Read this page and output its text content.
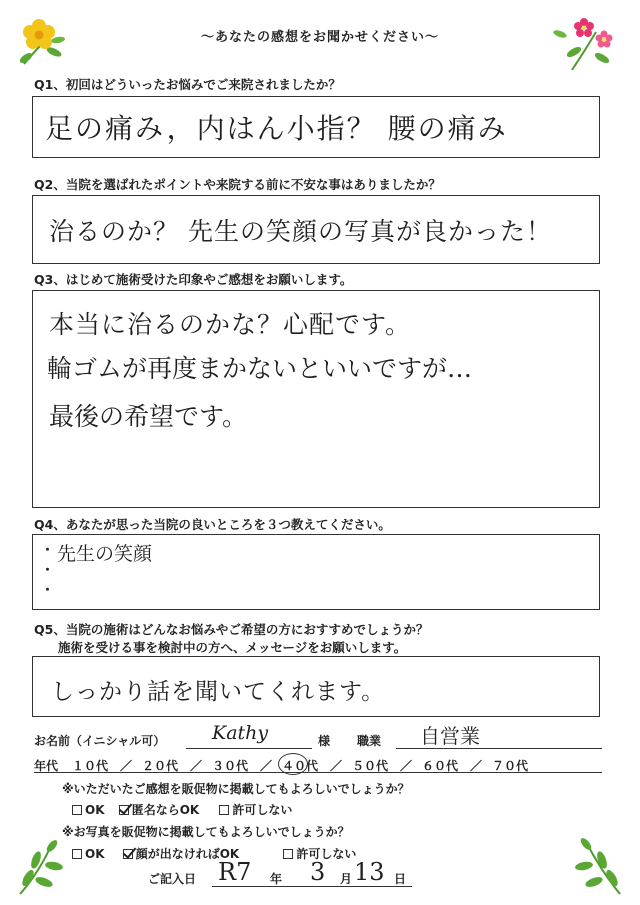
～あなたの感想をお聞かせください～
Q1、初回はどういったお悩みでご来院されましたか？
足の痛み，内はん小指？ 腰の痛み
Q2、当院を選ばれたポイントや来院する前に不安な事はありましたか？
治るのか？ 先生の笑顔の写真が良かった！
Q3、はじめて施術受けた印象やご感想をお願いします。
本当に治るのかな？心配です。
輪ゴムが再度まかないといいですが…
最後の希望です。
Q4、あなたが思った当院の良いところを３つ教えてください。
・
・
・
先生の笑顔
Q5、当院の施術はどんなお悩みやご希望の方におすすめでしょうか？
施術を受ける事を検討中の方へ、メッセージをお願いします。
しっかり話を聞いてくれます。
お名前（イニシャル可） Kathy	様 職業 自営業
年代 １０代 ／ ２０代 ／ ３０代 ／ ４０代 ／ ５０代 ／ ６０代 ／ ７０代
※いただいたご感想を販促物に掲載してもよろしいでしょうか？
OK 匿名ならOK	許可しない
※お写真を販促物に掲載してもよろしいでしょうか？
OK	顔が出なければOK	許可しない
ご記入日 R7 年 3 月 13 日
